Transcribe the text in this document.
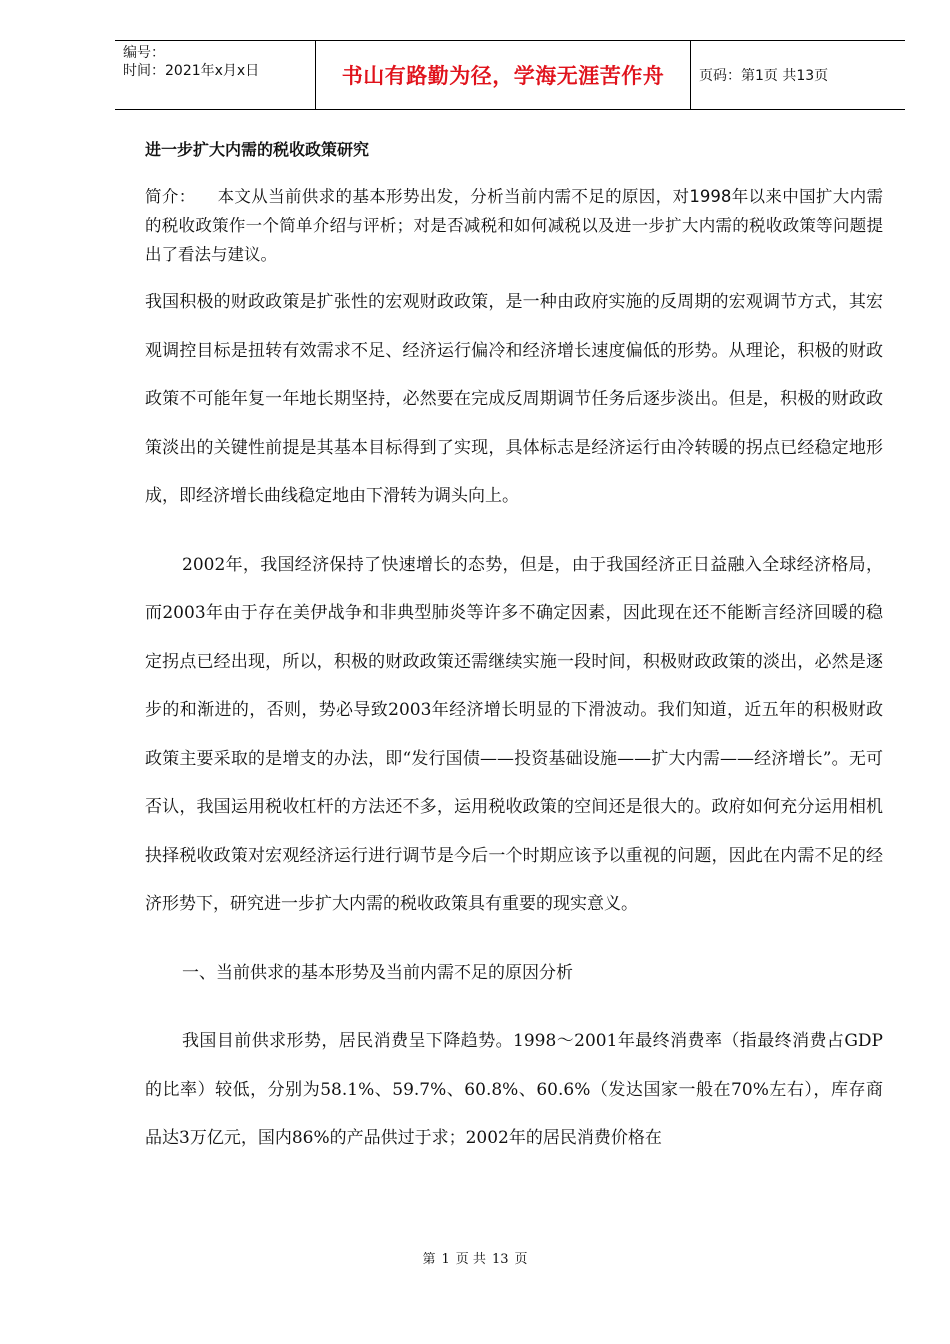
编号：
时间：2021年x月x日	书山有路勤为径，学海无涯苦作舟	页码：第1页 共13页
进一步扩大内需的税收政策研究

简介： 本文从当前供求的基本形势出发，分析当前内需不足的原因，对1998年以来中国扩大内需的税收政策作一个简单介绍与评析；对是否减税和如何减税以及进一步扩大内需的税收政策等问题提出了看法与建议。

我国积极的财政政策是扩张性的宏观财政政策，是一种由政府实施的反周期的宏观调节方式，其宏观调控目标是扭转有效需求不足、经济运行偏冷和经济增长速度偏低的形势。从理论，积极的财政政策不可能年复一年地长期坚持，必然要在完成反周期调节任务后逐步淡出。但是，积极的财政政策淡出的关键性前提是其基本目标得到了实现，具体标志是经济运行由冷转暖的拐点已经稳定地形成，即经济增长曲线稳定地由下滑转为调头向上。

2002年，我国经济保持了快速增长的态势，但是，由于我国经济正日益融入全球经济格局，而2003年由于存在美伊战争和非典型肺炎等许多不确定因素，因此现在还不能断言经济回暖的稳定拐点已经出现，所以，积极的财政政策还需继续实施一段时间，积极财政政策的淡出，必然是逐步的和渐进的，否则，势必导致2003年经济增长明显的下滑波动。我们知道，近五年的积极财政政策主要采取的是增支的办法，即“发行国债——投资基础设施——扩大内需——经济增长”。无可否认，我国运用税收杠杆的方法还不多，运用税收政策的空间还是很大的。政府如何充分运用相机抉择税收政策对宏观经济运行进行调节是今后一个时期应该予以重视的问题，因此在内需不足的经济形势下，研究进一步扩大内需的税收政策具有重要的现实意义。

一、当前供求的基本形势及当前内需不足的原因分析

我国目前供求形势，居民消费呈下降趋势。1998～2001年最终消费率（指最终消费占GDP的比率）较低，分别为58.1%、59.7%、60.8%、60.6%（发达国家一般在70%左右），库存商品达3万亿元，国内86%的产品供过于求；2002年的居民消费价格在

第 1 页 共 13 页
